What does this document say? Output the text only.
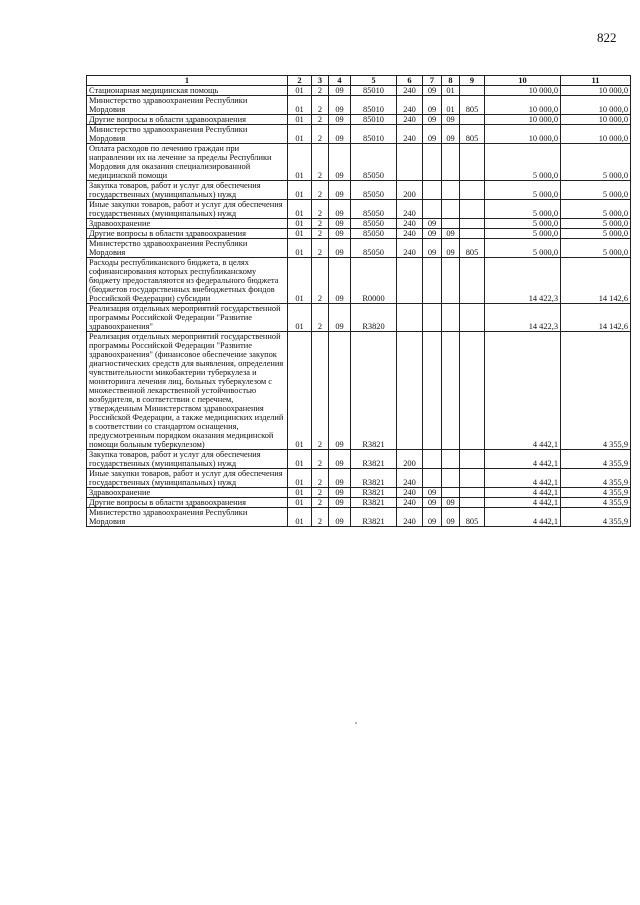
822
1	2	3	4	5	6	7	8	9	10	11
Стационарная медицинская помощь	01	2	09	85010	240	09	01		10 000,0	10 000,0
Министерство здравоохранения Республики Мордовия	01	2	09	85010	240	09	01	805	10 000,0	10 000,0
Другие вопросы в области здравоохранения	01	2	09	85010	240	09	09		10 000,0	10 000,0
Министерство здравоохранения Республики Мордовия	01	2	09	85010	240	09	09	805	10 000,0	10 000,0
Оплата расходов по лечению граждан при направлении их на лечение за пределы Республики Мордовия для оказания специализированной медицинской помощи	01	2	09	85050					5 000,0	5 000,0
Закупка товаров, работ и услуг для обеспечения государственных (муниципальных) нужд	01	2	09	85050	200				5 000,0	5 000,0
Иные закупки товаров, работ и услуг для обеспечения государственных (муниципальных) нужд	01	2	09	85050	240				5 000,0	5 000,0
Здравоохранение	01	2	09	85050	240	09			5 000,0	5 000,0
Другие вопросы в области здравоохранения	01	2	09	85050	240	09	09		5 000,0	5 000,0
Министерство здравоохранения Республики Мордовия	01	2	09	85050	240	09	09	805	5 000,0	5 000,0
Расходы республиканского бюджета, в целях софинансирования которых республиканскому бюджету предоставляются из федерального бюджета (бюджетов государственных внебюджетных фондов Российской Федерации) субсидии	01	2	09	R0000					14 422,3	14 142,6
Реализация отдельных мероприятий государственной программы Российской Федерации "Развитие здравоохранения"	01	2	09	R3820					14 422,3	14 142,6
Реализация отдельных мероприятий государственной программы Российской Федерации "Развитие здравоохранения" (финансовое обеспечение закупок диагностических средств для выявления, определения чувствительности микобактерии туберкулеза и мониторинга лечения лиц, больных туберкулезом с множественной лекарственной устойчивостью возбудителя, в соответствии с перечнем, утвержденным Министерством здравоохранения Российской Федерации, а также медицинских изделий в соответствии со стандартом оснащения, предусмотренным порядком оказания медицинской помощи больным туберкулезом)	01	2	09	R3821					4 442,1	4 355,9
Закупка товаров, работ и услуг для обеспечения государственных (муниципальных) нужд	01	2	09	R3821	200				4 442,1	4 355,9
Иные закупки товаров, работ и услуг для обеспечения государственных (муниципальных) нужд	01	2	09	R3821	240				4 442,1	4 355,9
Здравоохранение	01	2	09	R3821	240	09			4 442,1	4 355,9
Другие вопросы в области здравоохранения	01	2	09	R3821	240	09	09		4 442,1	4 355,9
Министерство здравоохранения Республики Мордовия	01	2	09	R3821	240	09	09	805	4 442,1	4 355,9
